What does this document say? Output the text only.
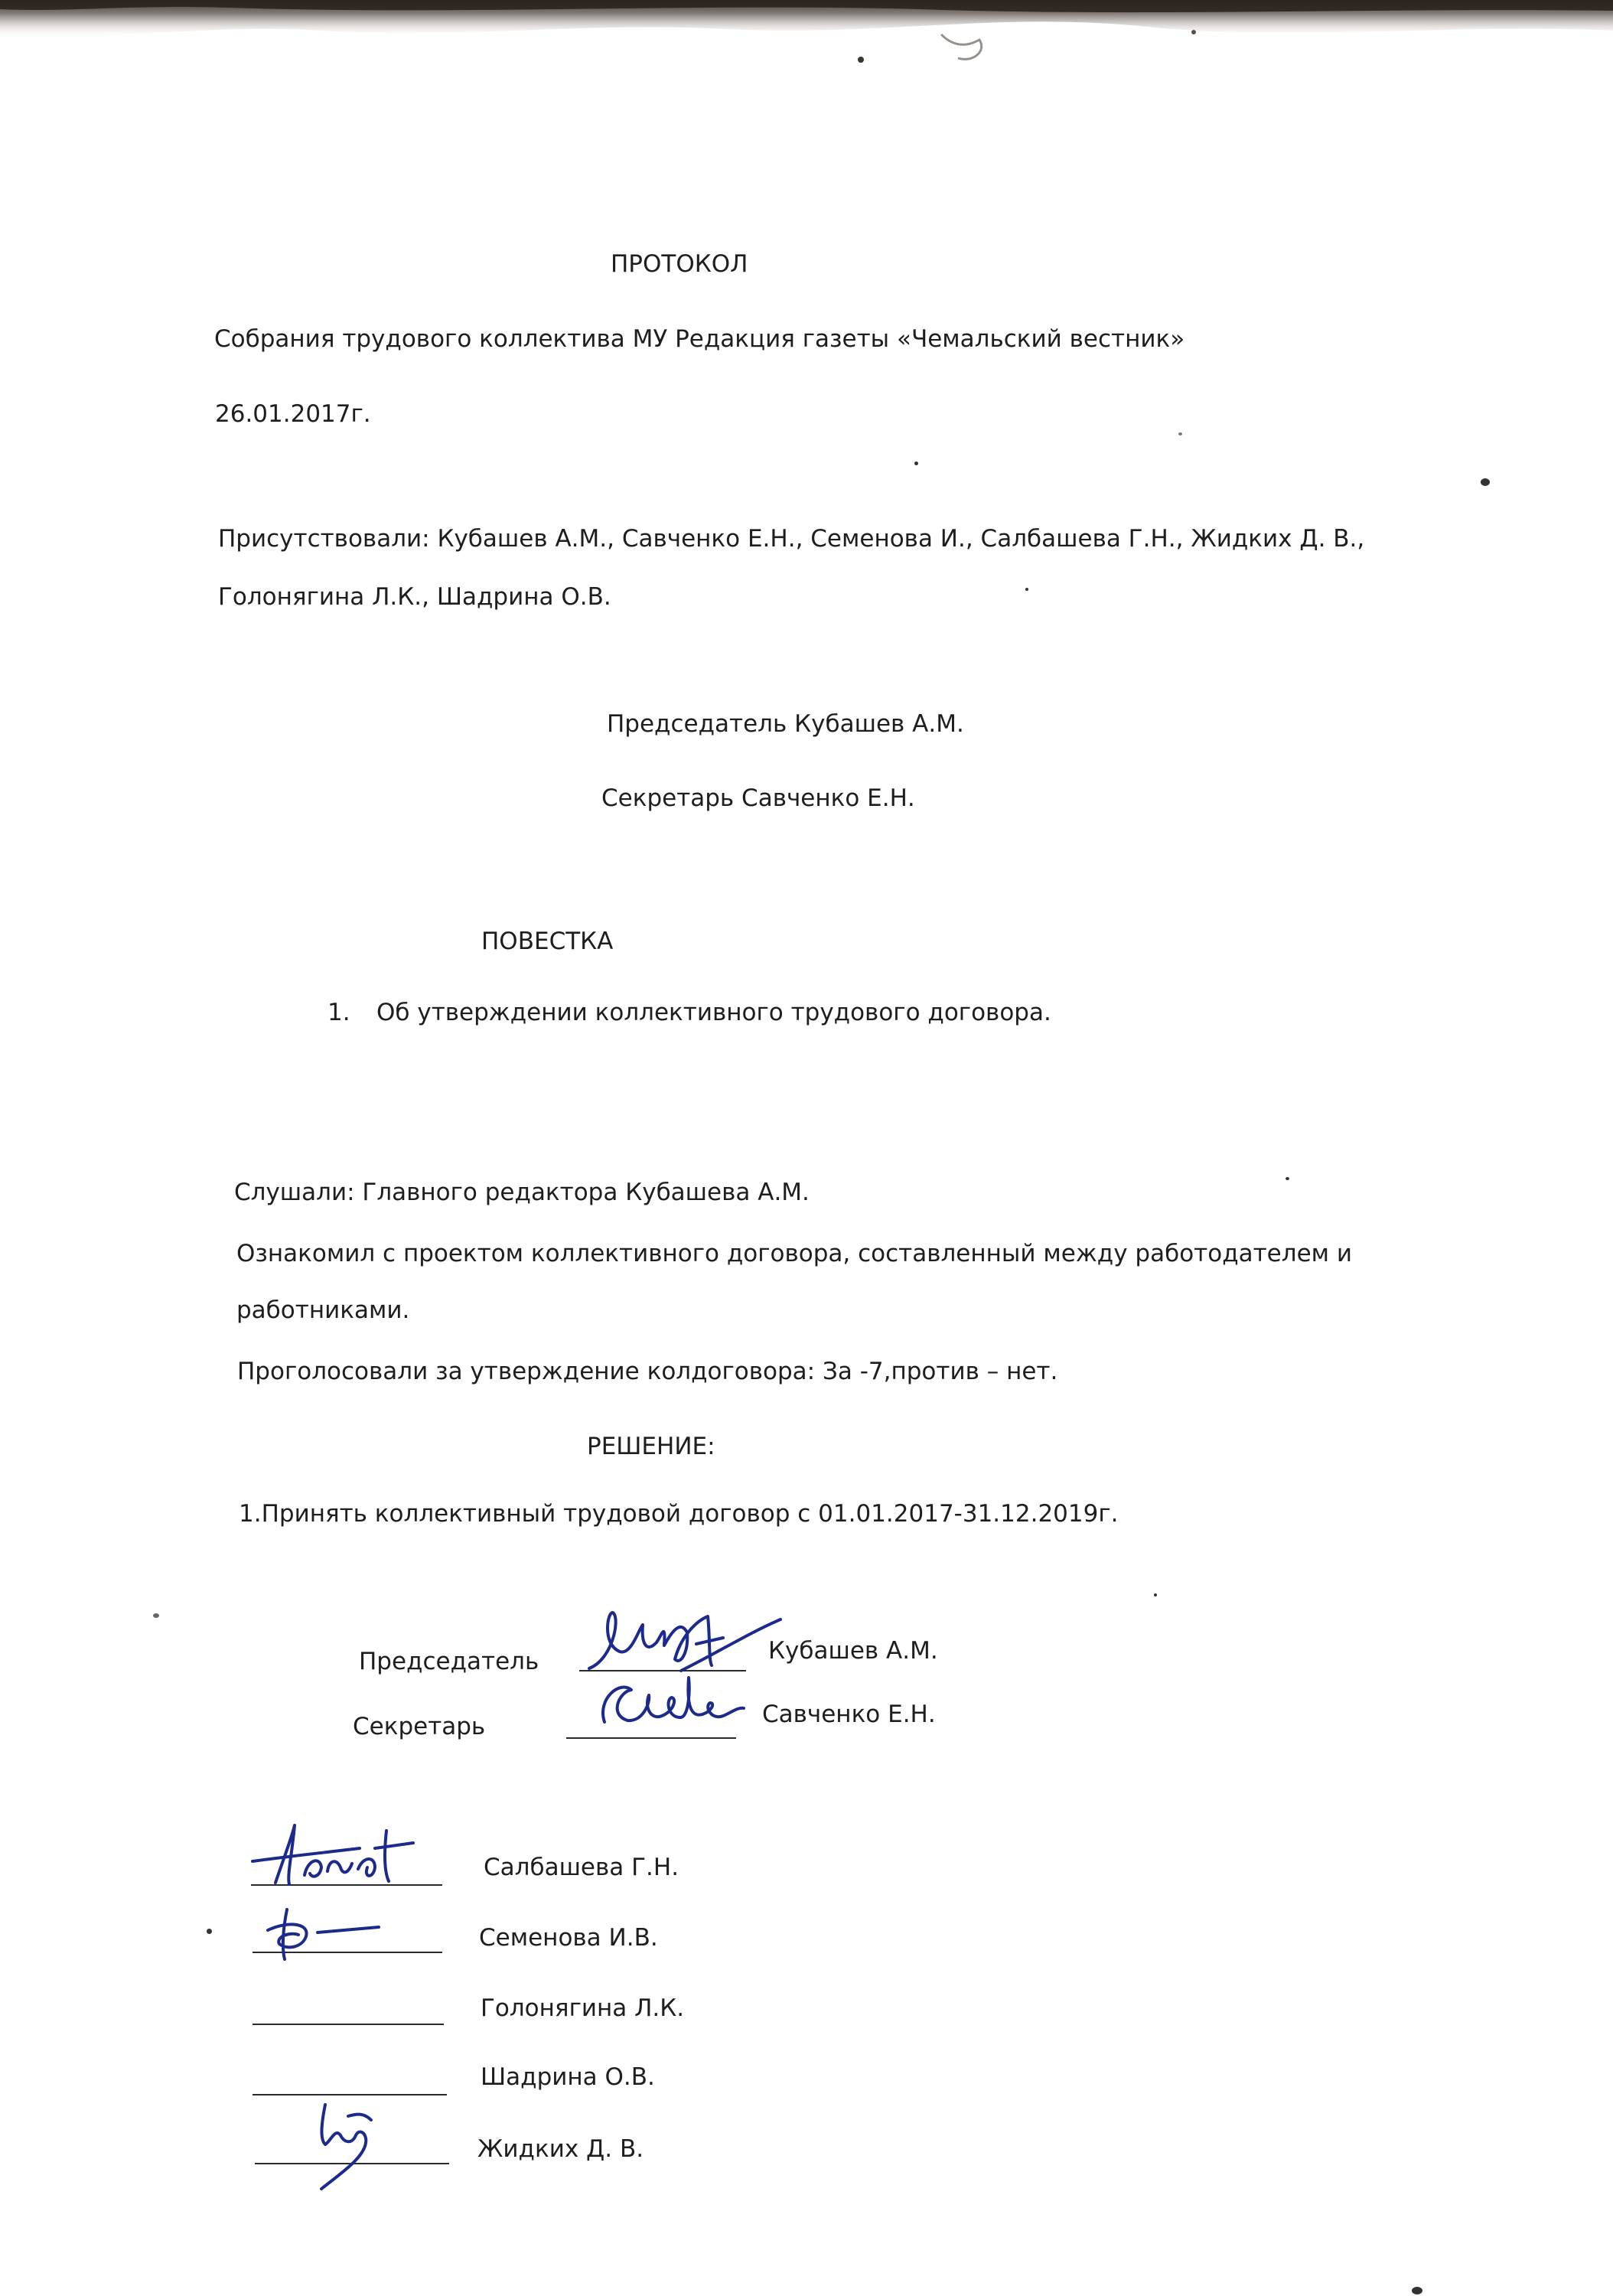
ПРОТОКОЛ

Собрания трудового коллектива МУ Редакция газеты «Чемальский вестник»

26.01.2017г.

Присутствовали: Кубашев А.М., Савченко Е.Н., Семенова И., Салбашева Г.Н., Жидких Д. В.,

Голонягина Л.К., Шадрина О.В.

Председатель Кубашев А.М.

Секретарь Савченко Е.Н.

ПОВЕСТКА

1. Об утверждении коллективного трудового договора.

Слушали: Главного редактора Кубашева А.М.

Ознакомил с проектом коллективного договора, составленный между работодателем и

работниками.

Проголосовали за утверждение колдоговора: За -7,против – нет.

РЕШЕНИЕ:

1.Принять коллективный трудовой договор с 01.01.2017-31.12.2019г.

Председатель	Кубашев А.М.

Секретарь	Савченко Е.Н.

Салбашева Г.Н.

Семенова И.В.

Голонягина Л.К.

Шадрина О.В.

Жидких Д. В.
